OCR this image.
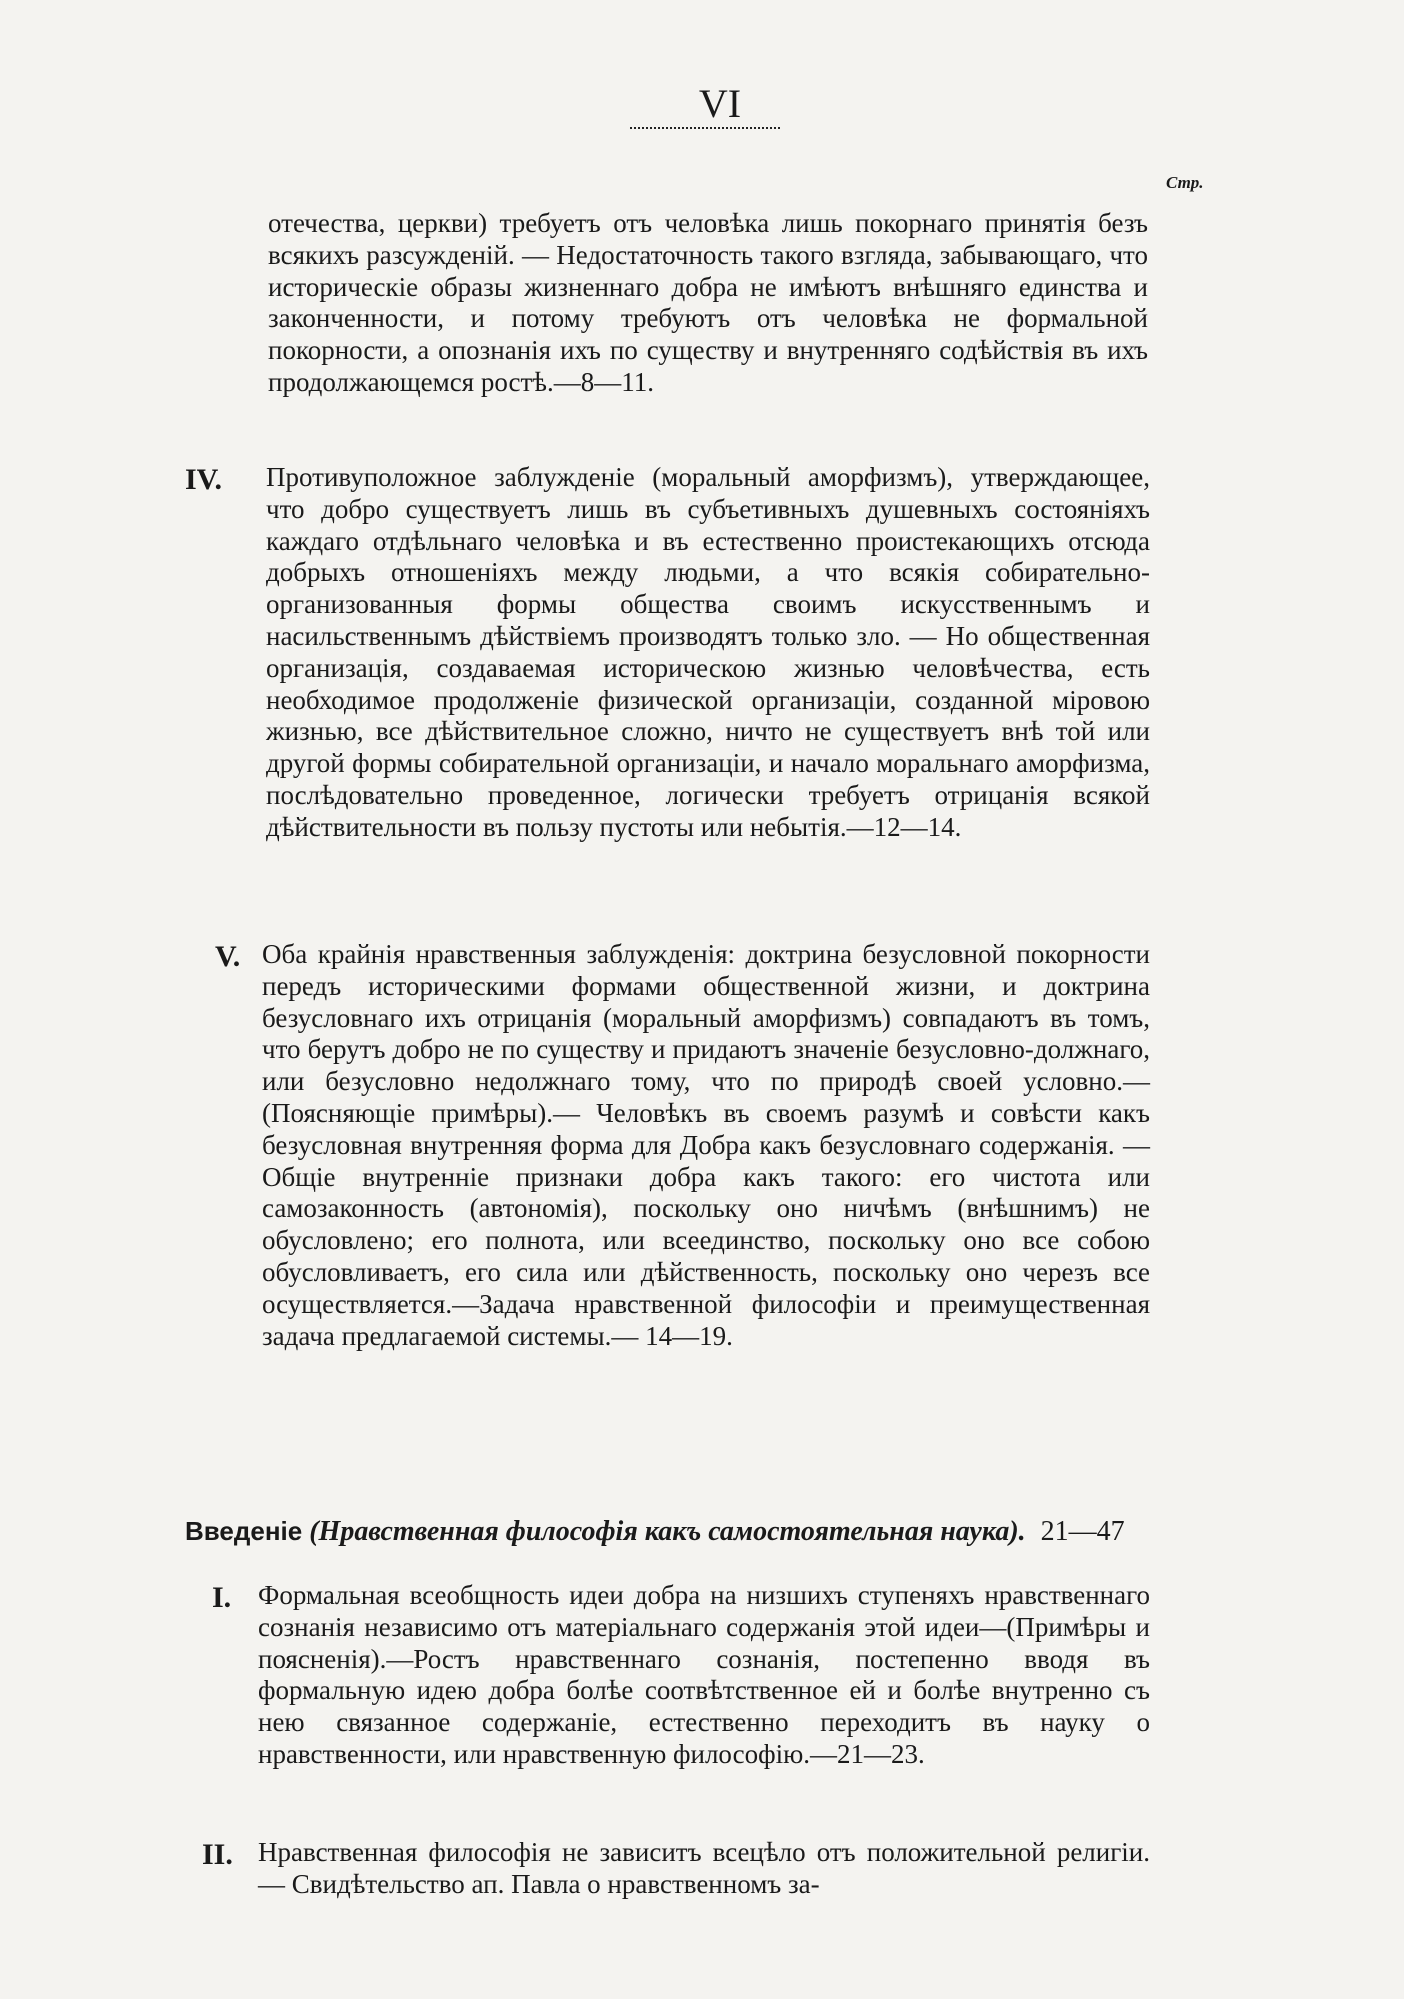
VI
Стр.

отечества, церкви) требуетъ отъ человѣка лишь покорнаго принятія безъ всякихъ разсужденій. — Недостаточность такого взгляда, забывающаго, что историческіе образы жизненнаго добра не имѣютъ внѣшняго единства и законченности, и потому требуютъ отъ человѣка не формальной покорности, а опознанія ихъ по существу и внутренняго содѣйствія въ ихъ продолжающемся ростѣ.—8—11.

IV. Противуположное заблужденіе (моральный аморфизмъ), утверждающее, что добро существуетъ лишь въ субъетивныхъ душевныхъ состояніяхъ каждаго отдѣльнаго человѣка и въ естественно проистекающихъ отсюда добрыхъ отношеніяхъ между людьми, а что всякія собирательно-организованныя формы общества своимъ искусственнымъ и насильственнымъ дѣйствіемъ производятъ только зло. — Но общественная организація, создаваемая историческою жизнью человѣчества, есть необходимое продолженіе физической организаціи, созданной міровою жизнью, все дѣйствительное сложно, ничто не существуетъ внѣ той или другой формы собирательной организаціи, и начало моральнаго аморфизма, послѣдовательно проведенное, логически требуетъ отрицанія всякой дѣйствительности въ пользу пустоты или небытія.—12—14.

V. Оба крайнія нравственныя заблужденія: доктрина безусловной покорности передъ историческими формами общественной жизни, и доктрина безусловнаго ихъ отрицанія (моральный аморфизмъ) совпадаютъ въ томъ, что берутъ добро не по существу и придаютъ значеніе безусловно-должнаго, или безусловно недолжнаго тому, что по природѣ своей условно.—(Поясняющіе примѣры).— Человѣкъ въ своемъ разумѣ и совѣсти какъ безусловная внутренняя форма для Добра какъ безусловнаго содержанія. — Общіе внутренніе признаки добра какъ такого: его чистота или самозаконность (автономія), поскольку оно ничѣмъ (внѣшнимъ) не обусловлено; его полнота, или всеединство, поскольку оно все собою обусловливаетъ, его сила или дѣйственность, поскольку оно черезъ все осуществляется.—Задача нравственной философіи и преимущественная задача предлагаемой системы.— 14—19.

Введеніе (Нравственная философія какъ самостоятельная наука). 21—47
I. Формальная всеобщность идеи добра на низшихъ ступеняхъ нравственнаго сознанія независимо отъ матеріальнаго содержанія этой идеи—(Примѣры и поясненія).—Ростъ нравственнаго сознанія, постепенно вводя въ формальную идею добра болѣе соотвѣтственное ей и болѣе внутренно съ нею связанное содержаніе, естественно переходитъ въ науку о нравственности, или нравственную философію.—21—23.

II. Нравственная философія не зависитъ всецѣло отъ положительной религіи. — Свидѣтельство ап. Павла о нравственномъ за-
